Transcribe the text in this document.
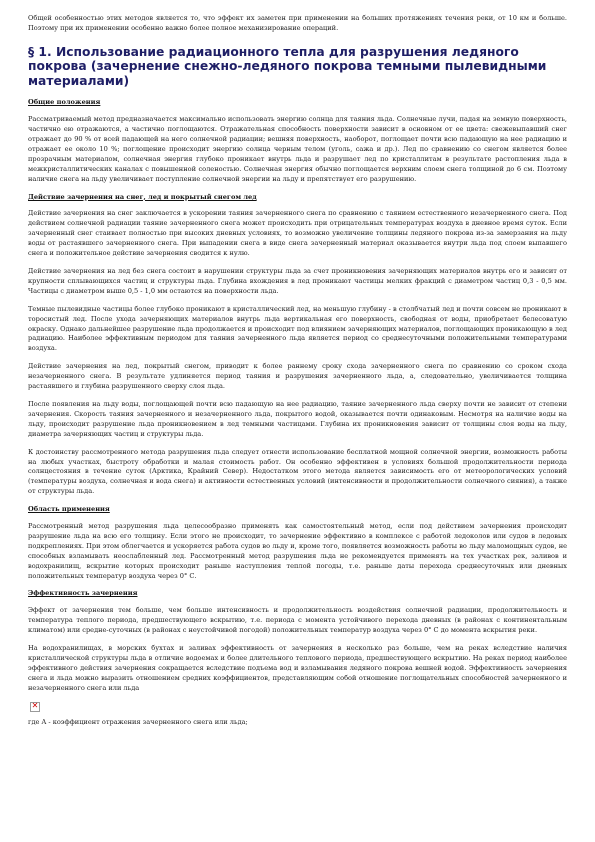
Общей особенностью этих методов является то, что эффект их заметен при применении на больших протяжениях течения реки, от 10 км и больше. Поэтому при их применении особенно важно более полное механизирование операций.

§ 1. Использование радиационного тепла для разрушения ледяного покрова (зачернение снежно-ледяного покрова темными пылевидными материалами)
Общие положения

Рассматриваемый метод предназначается максимально использовать энергию солнца для таяния льда. Солнечные лучи, падая на земную поверхность, частично ею отражаются, а частично поглощаются. Отражательная способность поверхности зависит в основном от ее цвета: свежевыпавший снег отражает до 90 % от всей падающей на него солнечной радиации; вешняя поверхность, наоборот, поглощает почти всю падающую на нее радиацию и отражает ее около 10 %; поглощение происходит энергию солнца черным телом (уголь, сажа и др.). Лед по сравнению со снегом является более прозрачным материалом, солнечная энергия глубоко проникает внутрь льда и разрушает лед по кристаллитам в результате растопления льда в межкристаллитических каналах с повышенной соленостью. Солнечная энергия обычно поглощается верхним слоем снега толщиной до 6 см. Поэтому наличие снега на льду увеличивает поступление солнечной энергии на льду и препятствует его разрушению.

Действие зачернения на снег, лед и покрытый снегом лед

Действие зачернения на снег заключается в ускорении таяния зачерненного снега по сравнению с таянием естественного незачерненного снега. Под действием солнечной радиации таяние зачерненного снега может происходить при отрицательных температурах воздуха в дневное время суток. Если зачерненный снег стаивает полностью при высоких дневных условиях, то возможно увеличение толщины ледяного покрова из-за замерзания на льду воды от растаявшего зачерненного снега. При выпадении снега в виде снега зачерненный материал оказывается внутри льда под слоем выпавшего снега и положительное действие зачернения сводится к нулю.

Действие зачернения на лед без снега состоит в нарушении структуры льда за счет проникновения зачерняющих материалов внутрь его и зависит от крупности сплывающихся частиц и структуры льда. Глубина вхождения в лед проникают частицы мелких фракций с диаметром частиц 0,3 - 0,5 мм. Частицы с диаметром выше 0,5 - 1,0 мм остаются на поверхности льда.

Темные пылевидные частицы более глубоко проникают в кристаллический лед, на меньшую глубину - в столбчатый лед и почти совсем не проникают в торосистый лед. После ухода зачерняющих материалов внутрь льда вертикальная его поверхность, свободная от воды, приобретает белесоватую окраску. Однако дальнейшее разрушение льда продолжается и происходит под влиянием зачерняющих материалов, поглощающих проникающую в лед радиацию. Наиболее эффективным периодом для таяния зачерненного льда является период со среднесуточными положительными температурами воздуха.

Действие зачернения на лед, покрытый снегом, приводит к более раннему сроку схода зачерненного снега по сравнению со сроком схода незачерненного снега. В результате удлиняется период таяния и разрушения зачерненного льда, а, следовательно, увеличивается толщина растаявшего и глубина разрушенного сверху слоя льда.

После появления на льду воды, поглощающей почти всю падающую на нее радиацию, таяние зачерненного льда сверху почти не зависит от степени зачернения. Скорость таяния зачерненного и незачерненного льда, покрытого водой, оказывается почти одинаковым. Несмотря на наличие воды на льду, происходит разрушение льда проникновением в лед темными частицами. Глубина их проникновения зависит от толщины слоя воды на льду, диаметра зачерняющих частиц и структуры льда.

К достоинству рассмотренного метода разрушения льда следует отнести использование бесплатной мощной солнечной энергии, возможность работы на любых участках, быстроту обработки и малая стоимость работ. Он особенно эффективен в условиях большой продолжительности периода солнцестояния в течение суток (Арктика, Крайний Север). Недостатком этого метода является зависимость его от метеорологических условий (температуры воздуха, солнечная и вода снега) и активности естественных условий (интенсивности и продолжительности солнечного сияния), а также от структуры льда.

Область применения

Рассмотренный метод разрушения льда целесообразно применять как самостоятельный метод, если под действием зачернения происходит разрушение льда на всю его толщину. Если этого не происходит, то зачернение эффективно в комплексе с работой ледоколов или судов в ледовых подкреплениях. При этом облегчается и ускоряется работа судов во льду и, кроме того, появляется возможность работы во льду маломощных судов, не способных взламывать неослабленный лед. Рассмотренный метод разрушения льда не рекомендуется применять на тех участках рек, заливов и водохранилищ, вскрытие которых происходит раньше наступления теплой погоды, т.е. раньше даты перехода среднесуточных или дневных положительных температур воздуха через 0° С.

Эффективность зачернения

Эффект от зачернения тем больше, чем больше интенсивность и продолжительность воздействия солнечной радиации, продолжительность и температура теплого периода, предшествующего вскрытию, т.е. периода с момента устойчивого перехода дневных (в районах с континентальным климатом) или средне-суточных (в районах с неустойчивой погодой) положительных температур воздуха через 0° С до момента вскрытия реки.

На водохранилищах, в морских бухтах и заливах эффективность от зачернения в несколько раз больше, чем на реках вследствие наличия кристаллической структуры льда в отличие водоемах и более длительного теплового периода, предшествующего вскрытию. На реках период наиболее эффективного действия зачернения сокращается вследствие подъема вод и взламывания ледяного покрова вешней водой. Эффективность зачернения снега и льда можно выразить отношением средних коэффициентов, представляющим собой отношение поглощательных способностей зачерненного и незачерненного снега или льда

✕

где A - коэффициент отражения зачерненного снега или льда;
